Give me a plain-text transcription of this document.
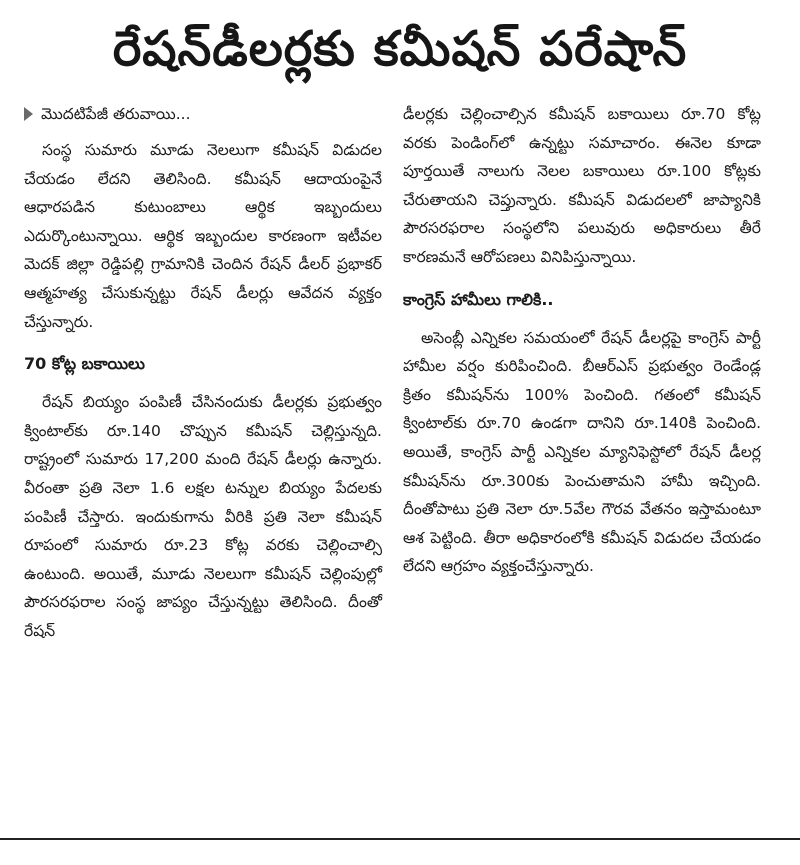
రేషన్‌డీలర్లకు కమీషన్ పరేషాన్
మొదటిపేజీ తరువాయి...

సంస్థ సుమారు మూడు నెలలుగా కమీషన్ విడుదల చేయడం లేదని తెలిసింది. కమీషన్ ఆదాయంపైనే ఆధారపడిన కుటుంబాలు ఆర్థిక ఇబ్బందులు ఎదుర్కొంటున్నాయి. ఆర్థిక ఇబ్బందుల కారణంగా ఇటీవల మెదక్ జిల్లా రెడ్డిపల్లి గ్రామానికి చెందిన రేషన్ డీలర్ ప్రభాకర్ ఆత్మహత్య చేసుకున్నట్టు రేషన్ డీలర్లు ఆవేదన వ్యక్తం చేస్తున్నారు.

70 కోట్ల బకాయిలు

రేషన్ బియ్యం పంపిణీ చేసినందుకు డీలర్లకు ప్రభుత్వం క్వింటాల్‌కు రూ.140 చొప్పున కమీషన్ చెల్లిస్తున్నది. రాష్ట్రంలో సుమారు 17,200 మంది రేషన్ డీలర్లు ఉన్నారు. వీరంతా ప్రతి నెలా 1.6 లక్షల టన్నుల బియ్యం పేదలకు పంపిణీ చేస్తారు. ఇందుకుగాను వీరికి ప్రతి నెలా కమీషన్ రూపంలో సుమారు రూ.23 కోట్ల వరకు చెల్లించాల్సి ఉంటుంది. అయితే, మూడు నెలలుగా కమీషన్ చెల్లింపుల్లో పౌరసరఫరాల సంస్థ జాప్యం చేస్తున్నట్టు తెలిసింది. దీంతో రేషన్

డీలర్లకు చెల్లించాల్సిన కమీషన్ బకాయిలు రూ.70 కోట్ల వరకు పెండింగ్‌లో ఉన్నట్టు సమాచారం. ఈనెల కూడా పూర్తయితే నాలుగు నెలల బకాయిలు రూ.100 కోట్లకు చేరుతాయని చెప్తున్నారు. కమీషన్ విడుదలలో జాప్యానికి పౌరసరఫరాల సంస్థలోని పలువురు అధికారులు తీరే కారణమనే ఆరోపణలు వినిపిస్తున్నాయి.

కాంగ్రెస్ హామీలు గాలికి..

అసెంబ్లీ ఎన్నికల సమయంలో రేషన్ డీలర్లపై కాంగ్రెస్ పార్టీ హామీల వర్షం కురిపించింది. బీఆర్ఎస్ ప్రభుత్వం రెండేండ్ల క్రితం కమీషన్‌ను 100% పెంచింది. గతంలో కమీషన్ క్వింటాల్‌కు రూ.70 ఉండగా దానిని రూ.140కి పెంచింది. అయితే, కాంగ్రెస్ పార్టీ ఎన్నికల మ్యానిఫెస్టోలో రేషన్ డీలర్ల కమీషన్‌ను రూ.300కు పెంచుతామని హామీ ఇచ్చింది. దీంతోపాటు ప్రతి నెలా రూ.5వేల గౌరవ వేతనం ఇస్తామంటూ ఆశ పెట్టింది. తీరా అధికారంలోకి కమీషన్ విడుదల చేయడం లేదని ఆగ్రహం వ్యక్తంచేస్తున్నారు.
